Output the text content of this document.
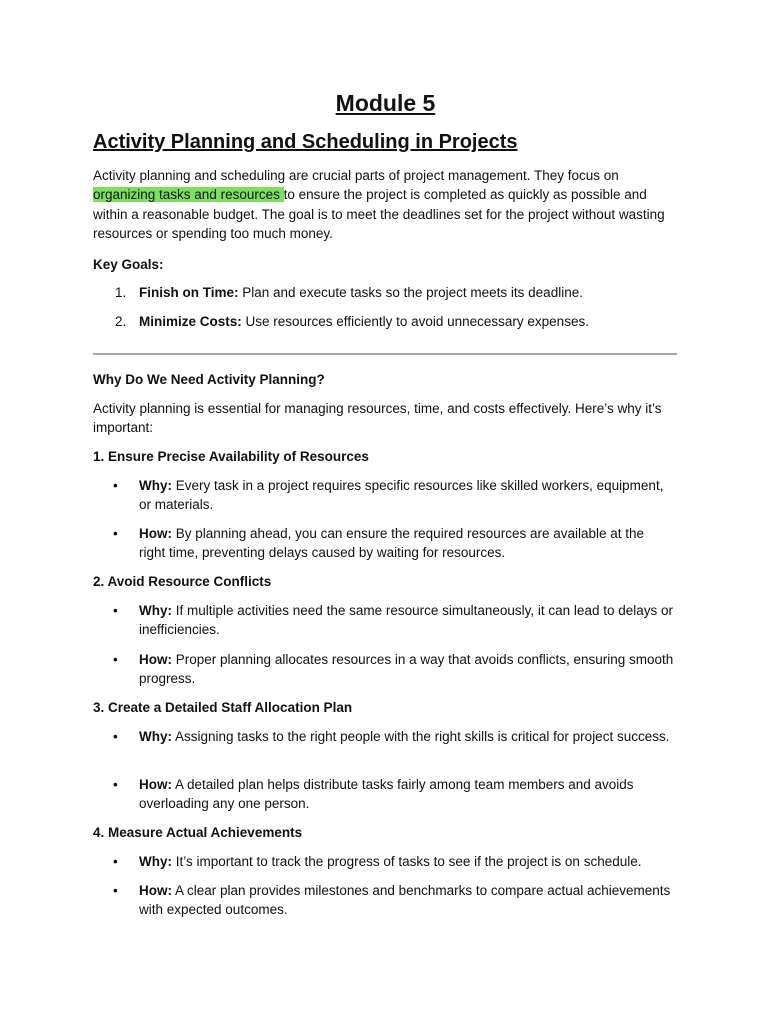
Module 5
Activity Planning and Scheduling in Projects
Activity planning and scheduling are crucial parts of project management. They focus on organizing tasks and resources to ensure the project is completed as quickly as possible and within a reasonable budget. The goal is to meet the deadlines set for the project without wasting resources or spending too much money.
Key Goals:
1. Finish on Time: Plan and execute tasks so the project meets its deadline.
2. Minimize Costs: Use resources efficiently to avoid unnecessary expenses.
Why Do We Need Activity Planning?
Activity planning is essential for managing resources, time, and costs effectively. Here’s why it’s important:
1. Ensure Precise Availability of Resources
• Why: Every task in a project requires specific resources like skilled workers, equipment, or materials.
• How: By planning ahead, you can ensure the required resources are available at the right time, preventing delays caused by waiting for resources.
2. Avoid Resource Conflicts
• Why: If multiple activities need the same resource simultaneously, it can lead to delays or inefficiencies.
• How: Proper planning allocates resources in a way that avoids conflicts, ensuring smooth progress.
3. Create a Detailed Staff Allocation Plan
• Why: Assigning tasks to the right people with the right skills is critical for project success.
• How: A detailed plan helps distribute tasks fairly among team members and avoids overloading any one person.
4. Measure Actual Achievements
• Why: It’s important to track the progress of tasks to see if the project is on schedule.
• How: A clear plan provides milestones and benchmarks to compare actual achievements with expected outcomes.
